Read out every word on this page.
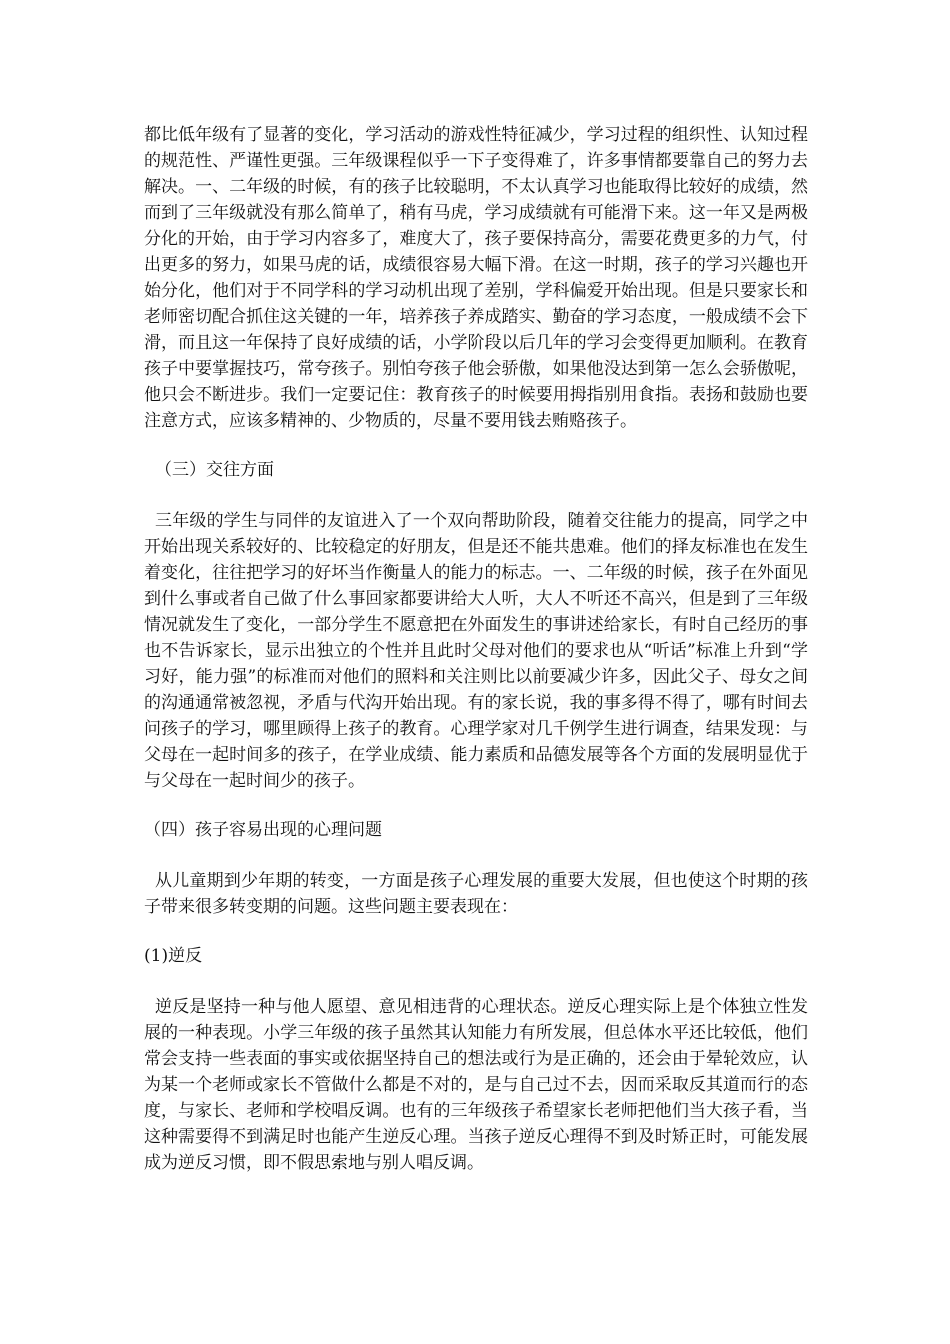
都比低年级有了显著的变化，学习活动的游戏性特征减少，学习过程的组织性、认知过程的规范性、严谨性更强。三年级课程似乎一下子变得难了，许多事情都要靠自己的努力去解决。一、二年级的时候，有的孩子比较聪明，不太认真学习也能取得比较好的成绩，然而到了三年级就没有那么简单了，稍有马虎，学习成绩就有可能滑下来。这一年又是两极分化的开始，由于学习内容多了，难度大了，孩子要保持高分，需要花费更多的力气，付出更多的努力，如果马虎的话，成绩很容易大幅下滑。在这一时期，孩子的学习兴趣也开始分化，他们对于不同学科的学习动机出现了差别，学科偏爱开始出现。但是只要家长和老师密切配合抓住这关键的一年，培养孩子养成踏实、勤奋的学习态度，一般成绩不会下滑，而且这一年保持了良好成绩的话，小学阶段以后几年的学习会变得更加顺利。在教育孩子中要掌握技巧，常夸孩子。别怕夸孩子他会骄傲，如果他没达到第一怎么会骄傲呢，他只会不断进步。我们一定要记住：教育孩子的时候要用拇指别用食指。表扬和鼓励也要注意方式，应该多精神的、少物质的，尽量不要用钱去贿赂孩子。

（三）交往方面

三年级的学生与同伴的友谊进入了一个双向帮助阶段，随着交往能力的提高，同学之中开始出现关系较好的、比较稳定的好朋友，但是还不能共患难。他们的择友标准也在发生着变化，往往把学习的好坏当作衡量人的能力的标志。一、二年级的时候，孩子在外面见到什么事或者自己做了什么事回家都要讲给大人听，大人不听还不高兴，但是到了三年级情况就发生了变化，一部分学生不愿意把在外面发生的事讲述给家长，有时自己经历的事也不告诉家长，显示出独立的个性并且此时父母对他们的要求也从“听话”标准上升到“学习好，能力强”的标准而对他们的照料和关注则比以前要减少许多，因此父子、母女之间的沟通通常被忽视，矛盾与代沟开始出现。有的家长说，我的事多得不得了，哪有时间去问孩子的学习，哪里顾得上孩子的教育。心理学家对几千例学生进行调查，结果发现：与父母在一起时间多的孩子，在学业成绩、能力素质和品德发展等各个方面的发展明显优于与父母在一起时间少的孩子。

（四）孩子容易出现的心理问题

从儿童期到少年期的转变，一方面是孩子心理发展的重要大发展，但也使这个时期的孩子带来很多转变期的问题。这些问题主要表现在：

(1)逆反

逆反是坚持一种与他人愿望、意见相违背的心理状态。逆反心理实际上是个体独立性发展的一种表现。小学三年级的孩子虽然其认知能力有所发展，但总体水平还比较低，他们常会支持一些表面的事实或依据坚持自己的想法或行为是正确的，还会由于晕轮效应，认为某一个老师或家长不管做什么都是不对的，是与自己过不去，因而采取反其道而行的态度，与家长、老师和学校唱反调。也有的三年级孩子希望家长老师把他们当大孩子看，当这种需要得不到满足时也能产生逆反心理。当孩子逆反心理得不到及时矫正时，可能发展成为逆反习惯，即不假思索地与别人唱反调。
